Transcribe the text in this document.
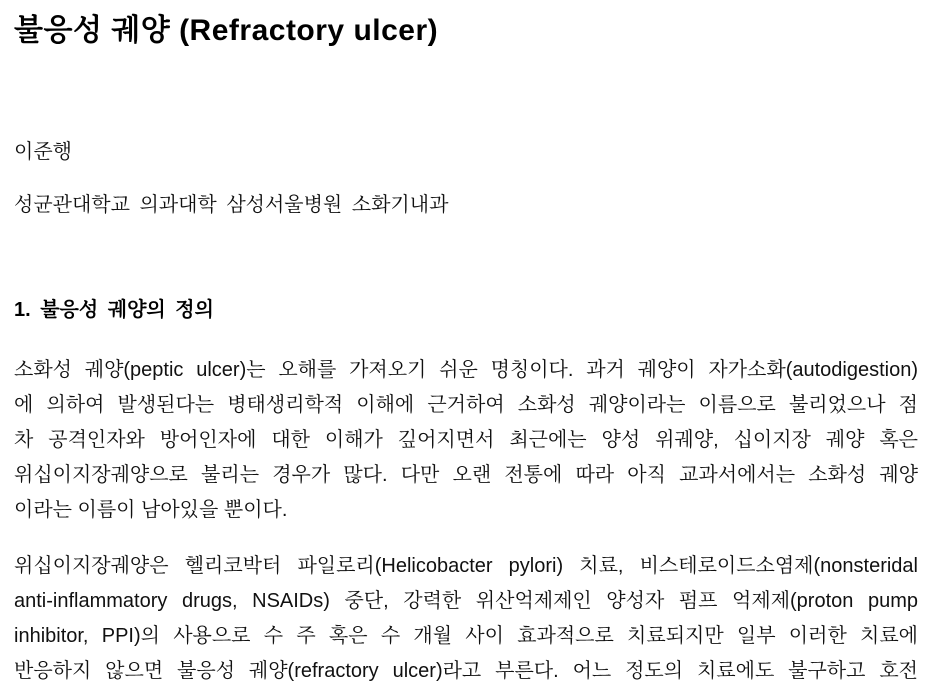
불응성 궤양 (Refractory ulcer)
이준행
성균관대학교 의과대학 삼성서울병원 소화기내과
1. 불응성 궤양의 정의
소화성 궤양(peptic ulcer)는 오해를 가져오기 쉬운 명칭이다. 과거 궤양이 자가소화(autodigestion)
에 의하여 발생된다는 병태생리학적 이해에 근거하여 소화성 궤양이라는 이름으로 불리었으나 점
차 공격인자와 방어인자에 대한 이해가 깊어지면서 최근에는 양성 위궤양, 십이지장 궤양 혹은
위십이지장궤양으로 불리는 경우가 많다. 다만 오랜 전통에 따라 아직 교과서에서는 소화성 궤양
이라는 이름이 남아있을 뿐이다.
위십이지장궤양은 헬리코박터 파일로리(Helicobacter pylori) 치료, 비스테로이드소염제(nonsteridal
anti-inflammatory drugs, NSAIDs) 중단, 강력한 위산억제제인 양성자 펌프 억제제(proton pump
inhibitor, PPI)의 사용으로 수 주 혹은 수 개월 사이 효과적으로 치료되지만 일부 이러한 치료에
반응하지 않으면 불응성 궤양(refractory ulcer)라고 부른다. 어느 정도의 치료에도 불구하고 호전
